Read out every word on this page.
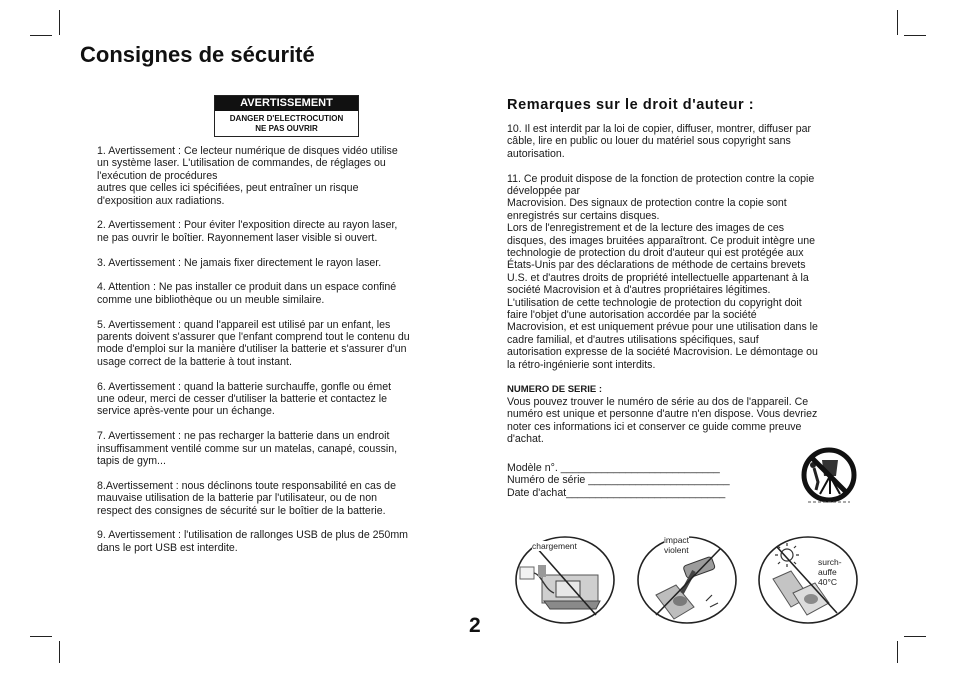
Consignes de sécurité
AVERTISSEMENT
DANGER D'ELECTROCUTION
NE PAS OUVRIR

1. Avertissement : Ce lecteur numérique de disques vidéo utilise
un système laser. L'utilisation de commandes, de réglages ou
l'exécution de procédures
autres que celles ici spécifiées, peut entraîner un risque
d'exposition aux radiations.

2. Avertissement : Pour éviter l'exposition directe au rayon laser,
ne pas ouvrir le boîtier. Rayonnement laser visible si ouvert.

3. Avertissement : Ne jamais fixer directement le rayon laser.

4. Attention : Ne pas installer ce produit dans un espace confiné
comme une bibliothèque ou un meuble similaire.

5. Avertissement : quand l'appareil est utilisé par un enfant, les
parents doivent s'assurer que l'enfant comprend tout le contenu du
mode d'emploi sur la manière d'utiliser la batterie et s'assurer d'un
usage correct de la batterie à tout instant.

6. Avertissement : quand la batterie surchauffe, gonfle ou émet
une odeur, merci de cesser d'utiliser la batterie et contactez le
service après-vente pour un échange.

7. Avertissement : ne pas recharger la batterie dans un endroit
insuffisamment ventilé comme sur un matelas, canapé, coussin,
tapis de gym...

8.Avertissement : nous déclinons toute responsabilité en cas de
mauvaise utilisation de la batterie par l'utilisateur, ou de non
respect des consignes de sécurité sur le boîtier de la batterie.

9. Avertissement : l'utilisation de rallonges USB de plus de 250mm
dans le port USB est interdite.

Remarques sur le droit d'auteur :

10. Il est interdit par la loi de copier, diffuser, montrer, diffuser par
câble, lire en public ou louer du matériel sous copyright sans
autorisation.

11. Ce produit dispose de la fonction de protection contre la copie
développée par
Macrovision. Des signaux de protection contre la copie sont
enregistrés sur certains disques.
Lors de l'enregistrement et de la lecture des images de ces
disques, des images bruitées apparaîtront. Ce produit intègre une
technologie de protection du droit d'auteur qui est protégée aux
États-Unis par des déclarations de méthode de certains brevets
U.S. et d'autres droits de propriété intellectuelle appartenant à la
société Macrovision et à d'autres propriétaires légitimes.
L'utilisation de cette technologie de protection du copyright doit
faire l'objet d'une autorisation accordée par la société
Macrovision, et est uniquement prévue pour une utilisation dans le
cadre familial, et d'autres utilisations spécifiques, sauf
autorisation expresse de la société Macrovision. Le démontage ou
la rétro-ingénierie sont interdits.

NUMERO DE SERIE :

Vous pouvez trouver le numéro de série au dos de l'appareil. Ce
numéro est unique et personne d'autre n'en dispose. Vous devriez
noter ces informations ici et conserver ce guide comme preuve
d'achat.

Modèle n°. ___________________________
Numéro de série ________________________
Date d'achat___________________________
chargement
impact
violent
surch-
auffe
40°C
2
